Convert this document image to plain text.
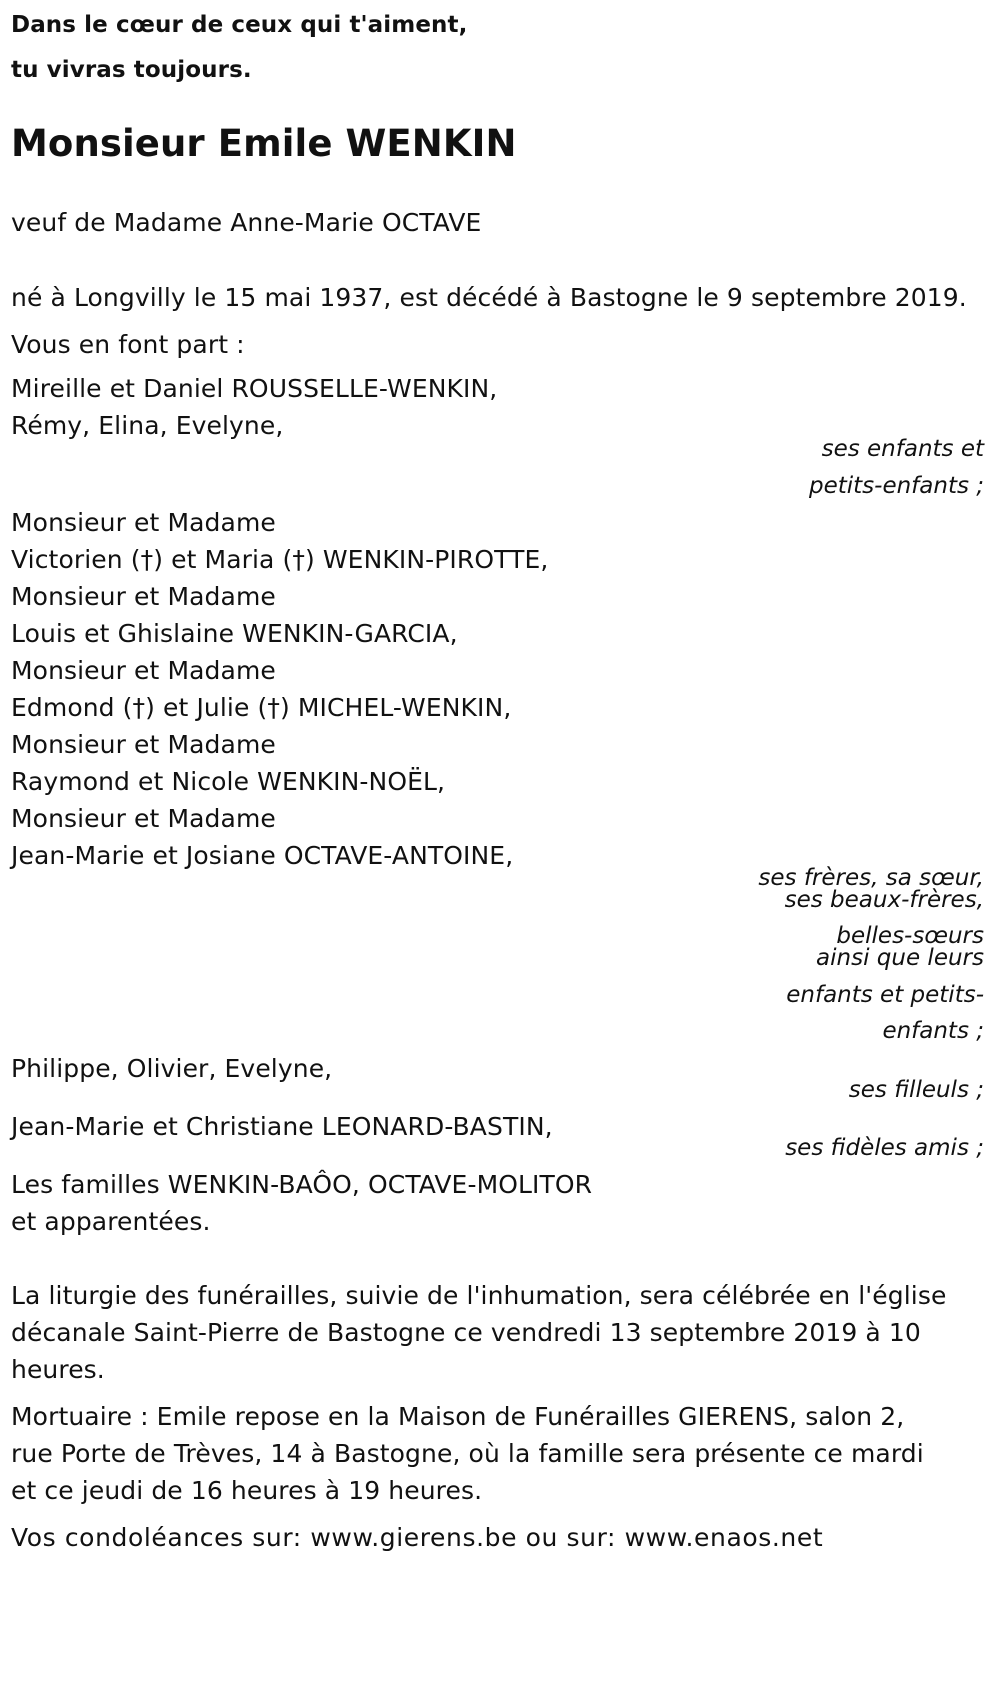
Dans le cœur de ceux qui t'aiment,
tu vivras toujours.
Monsieur Emile WENKIN
veuf de Madame Anne-Marie OCTAVE
né à Longvilly le 15 mai 1937, est décédé à Bastogne le 9 septembre 2019.
Vous en font part :
Mireille et Daniel ROUSSELLE-WENKIN,
Rémy, Elina, Evelyne,
ses enfants et
petits-enfants ;
Monsieur et Madame
Victorien (†) et Maria (†) WENKIN-PIROTTE,
Monsieur et Madame
Louis et Ghislaine WENKIN-GARCIA,
Monsieur et Madame
Edmond (†) et Julie (†) MICHEL-WENKIN,
Monsieur et Madame
Raymond et Nicole WENKIN-NOËL,
Monsieur et Madame
Jean-Marie et Josiane OCTAVE-ANTOINE,
ses frères, sa sœur,
ses beaux-frères,
belles-sœurs
ainsi que leurs
enfants et petits-
enfants ;
Philippe, Olivier, Evelyne,
ses filleuls ;
Jean-Marie et Christiane LEONARD-BASTIN,
ses fidèles amis ;
Les familles WENKIN-BAÔO, OCTAVE-MOLITOR
et apparentées.
La liturgie des funérailles, suivie de l'inhumation, sera célébrée en l'église
décanale Saint-Pierre de Bastogne ce vendredi 13 septembre 2019 à 10
heures.
Mortuaire : Emile repose en la Maison de Funérailles GIERENS, salon 2,
rue Porte de Trèves, 14 à Bastogne, où la famille sera présente ce mardi
et ce jeudi de 16 heures à 19 heures.
Vos condoléances sur: www.gierens.be ou sur: www.enaos.net
